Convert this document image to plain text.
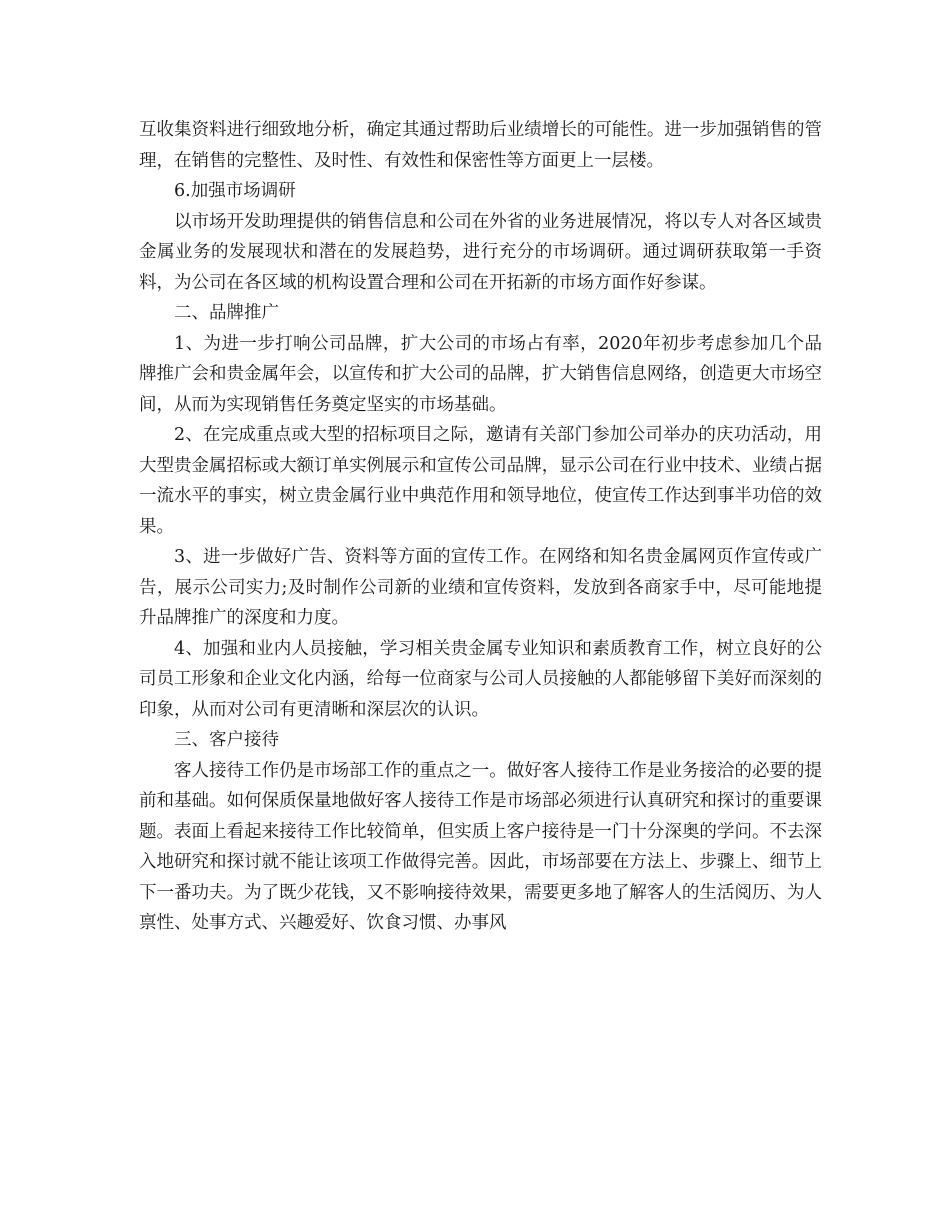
互收集资料进行细致地分析，确定其通过帮助后业绩增长的可能性。进一步加强销售的管理，在销售的完整性、及时性、有效性和保密性等方面更上一层楼。

6.加强市场调研

以市场开发助理提供的销售信息和公司在外省的业务进展情况，将以专人对各区域贵金属业务的发展现状和潜在的发展趋势，进行充分的市场调研。通过调研获取第一手资料，为公司在各区域的机构设置合理和公司在开拓新的市场方面作好参谋。

二、品牌推广

1、为进一步打响公司品牌，扩大公司的市场占有率，2020年初步考虑参加几个品牌推广会和贵金属年会，以宣传和扩大公司的品牌，扩大销售信息网络，创造更大市场空间，从而为实现销售任务奠定坚实的市场基础。

2、在完成重点或大型的招标项目之际，邀请有关部门参加公司举办的庆功活动，用大型贵金属招标或大额订单实例展示和宣传公司品牌，显示公司在行业中技术、业绩占据一流水平的事实，树立贵金属行业中典范作用和领导地位，使宣传工作达到事半功倍的效果。

3、进一步做好广告、资料等方面的宣传工作。在网络和知名贵金属网页作宣传或广告，展示公司实力;及时制作公司新的业绩和宣传资料，发放到各商家手中，尽可能地提升品牌推广的深度和力度。

4、加强和业内人员接触，学习相关贵金属专业知识和素质教育工作，树立良好的公司员工形象和企业文化内涵，给每一位商家与公司人员接触的人都能够留下美好而深刻的印象，从而对公司有更清晰和深层次的认识。

三、客户接待

客人接待工作仍是市场部工作的重点之一。做好客人接待工作是业务接洽的必要的提前和基础。如何保质保量地做好客人接待工作是市场部必须进行认真研究和探讨的重要课题。表面上看起来接待工作比较简单，但实质上客户接待是一门十分深奥的学问。不去深入地研究和探讨就不能让该项工作做得完善。因此，市场部要在方法上、步骤上、细节上下一番功夫。为了既少花钱，又不影响接待效果，需要更多地了解客人的生活阅历、为人禀性、处事方式、兴趣爱好、饮食习惯、办事风
